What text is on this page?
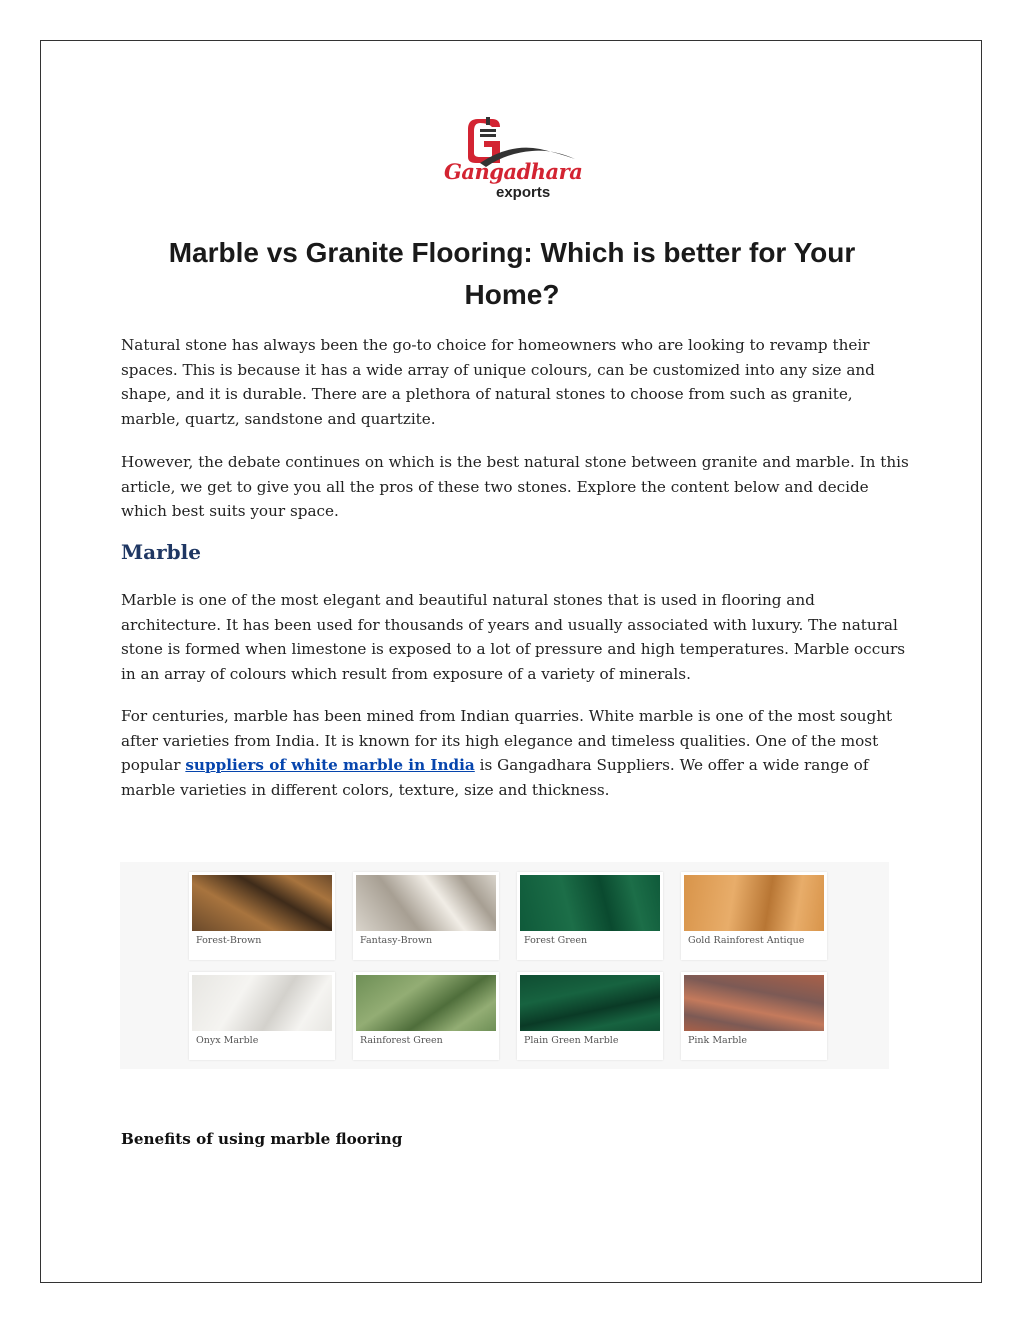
Gangadhara
exports
Marble vs Granite Flooring: Which is better for Your Home?

Natural stone has always been the go-to choice for homeowners who are looking to revamp their spaces. This is because it has a wide array of unique colours, can be customized into any size and shape, and it is durable. There are a plethora of natural stones to choose from such as granite, marble, quartz, sandstone and quartzite.

However, the debate continues on which is the best natural stone between granite and marble. In this article, we get to give you all the pros of these two stones. Explore the content below and decide which best suits your space.

Marble

Marble is one of the most elegant and beautiful natural stones that is used in flooring and architecture. It has been used for thousands of years and usually associated with luxury. The natural stone is formed when limestone is exposed to a lot of pressure and high temperatures. Marble occurs in an array of colours which result from exposure of a variety of minerals.

For centuries, marble has been mined from Indian quarries. White marble is one of the most sought after varieties from India. It is known for its high elegance and timeless qualities. One of the most popular suppliers of white marble in India is Gangadhara Suppliers. We offer a wide range of marble varieties in different colors, texture, size and thickness.

Forest-Brown	Fantasy-Brown	Forest Green	Gold Rainforest Antique
Onyx Marble	Rainforest Green	Plain Green Marble	Pink Marble

Benefits of using marble flooring
